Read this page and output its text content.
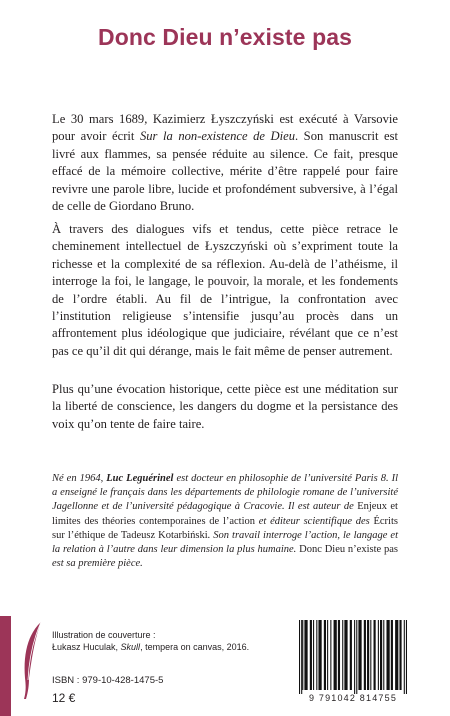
Donc Dieu n’existe pas

Le 30 mars 1689, Kazimierz Łyszczyński est exécuté à Varsovie pour avoir écrit Sur la non-existence de Dieu. Son manuscrit est livré aux flammes, sa pensée réduite au silence. Ce fait, presque effacé de la mémoire collective, mérite d’être rappelé pour faire revivre une parole libre, lucide et profondément subversive, à l’égal de celle de Giordano Bruno.

À travers des dialogues vifs et tendus, cette pièce retrace le cheminement intellectuel de Łyszczyński où s’expriment toute la richesse et la complexité de sa réflexion. Au-delà de l’athéisme, il interroge la foi, le langage, le pouvoir, la morale, et les fondements de l’ordre établi. Au fil de l’intrigue, la confrontation avec l’institution religieuse s’intensifie jusqu’au procès dans un affrontement plus idéologique que judiciaire, révélant que ce n’est pas ce qu’il dit qui dérange, mais le fait même de penser autrement.

Plus qu’une évocation historique, cette pièce est une méditation sur la liberté de conscience, les dangers du dogme et la persistance des voix qu’on tente de faire taire.

Né en 1964, Luc Leguérinel est docteur en philosophie de l’université Paris 8. Il a enseigné le français dans les départements de philologie romane de l’université Jagellonne et de l’université pédagogique à Cracovie. Il est auteur de Enjeux et limites des théories contemporaines de l’action et éditeur scientifique des Écrits sur l’éthique de Tadeusz Kotarbiński. Son travail interroge l’action, le langage et la relation à l’autre dans leur dimension la plus humaine. Donc Dieu n’existe pas est sa première pièce.

Illustration de couverture :
Łukasz Huculak, Skull, tempera on canvas, 2016.

ISBN : 979-10-428-1475-5
12 €	9 791042 814755
